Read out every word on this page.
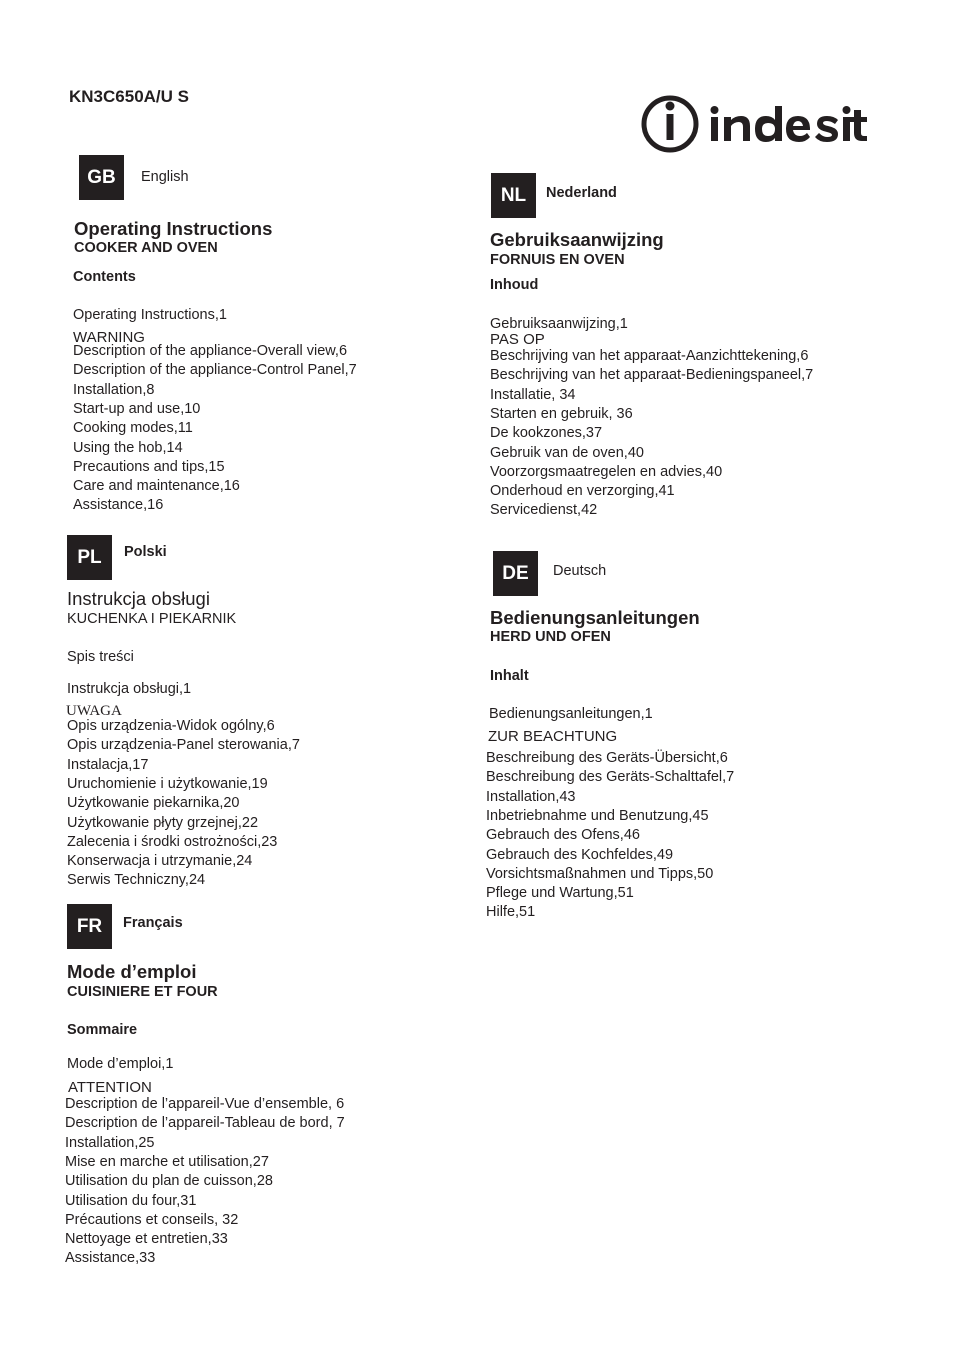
KN3C650A/U S
GB	English
Operating Instructions
COOKER AND OVEN
Contents
Operating Instructions,1
WARNING
Description of the appliance-Overall view,6
Description of the appliance-Control Panel,7
Installation,8
Start-up and use,10
Cooking modes,11
Using the hob,14
Precautions and tips,15
Care and maintenance,16
Assistance,16
PL	Polski
Instrukcja obsługi
KUCHENKA I PIEKARNIK
Spis treści
Instrukcja obsługi,1
UWAGA
Opis urządzenia-Widok ogólny,6
Opis urządzenia-Panel sterowania,7
Instalacja,17
Uruchomienie i użytkowanie,19
Użytkowanie piekarnika,20
Użytkowanie płyty grzejnej,22
Zalecenia i środki ostrożności,23
Konserwacja i utrzymanie,24
Serwis Techniczny,24
FR	Français
Mode d’emploi
CUISINIERE ET FOUR
Sommaire
Mode d’emploi,1
ATTENTION
Description de l’appareil-Vue d’ensemble, 6
Description de l’appareil-Tableau de bord, 7
Installation,25
Mise en marche et utilisation,27
Utilisation du plan de cuisson,28
Utilisation du four,31
Précautions et conseils, 32
Nettoyage et entretien,33
Assistance,33
NL	Nederland
Gebruiksaanwijzing
FORNUIS EN OVEN
Inhoud
Gebruiksaanwijzing,1
PAS OP
Beschrijving van het apparaat-Aanzichttekening,6
Beschrijving van het apparaat-Bedieningspaneel,7
Installatie, 34
Starten en gebruik, 36
De kookzones,37
Gebruik van de oven,40
Voorzorgsmaatregelen en advies,40
Onderhoud en verzorging,41
Servicedienst,42
DE	Deutsch
Bedienungsanleitungen
HERD UND OFEN
Inhalt
Bedienungsanleitungen,1
ZUR BEACHTUNG
Beschreibung des Geräts-Übersicht,6
Beschreibung des Geräts-Schalttafel,7
Installation,43
Inbetriebnahme und Benutzung,45
Gebrauch des Ofens,46
Gebrauch des Kochfeldes,49
Vorsichtsmaßnahmen und Tipps,50
Pflege und Wartung,51
Hilfe,51
